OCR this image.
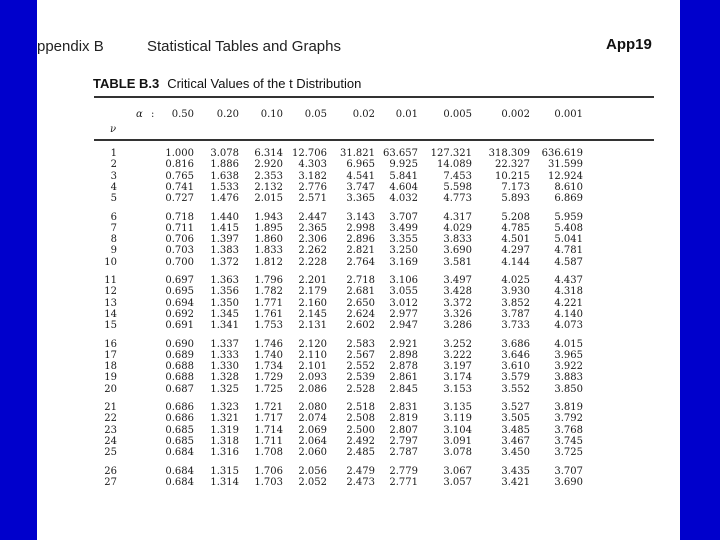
ppendix B	Statistical Tables and Graphs	App19
TABLE B.3 Critical Values of the t Distribution
α :	0.50	0.20	0.10	0.05	0.02	0.01	0.005	0.002	0.001
ν
1	1.000	3.078	6.314 12.706 31.821 63.657	127.321	318.309 636.619
2	0.816	1.886	2.920	4.303	6.965	9.925	14.089	22.327	31.599
3	0.765	1.638	2.353	3.182	4.541	5.841	7.453	10.215	12.924
4	0.741	1.533	2.132	2.776	3.747	4.604	5.598	7.173	8.610
5	0.727	1.476	2.015	2.571	3.365	4.032	4.773	5.893	6.869
6	0.718	1.440	1.943	2.447	3.143	3.707	4.317	5.208	5.959
7	0.711	1.415	1.895	2.365	2.998	3.499	4.029	4.785	5.408
8	0.706	1.397	1.860	2.306	2.896	3.355	3.833	4.501	5.041
9	0.703	1.383	1.833	2.262	2.821	3.250	3.690	4.297	4.781
10	0.700	1.372	1.812	2.228	2.764	3.169	3.581	4.144	4.587
11	0.697	1.363	1.796	2.201	2.718	3.106	3.497	4.025	4.437
12	0.695	1.356	1.782	2.179	2.681	3.055	3.428	3.930	4.318
13	0.694	1.350	1.771	2.160	2.650	3.012	3.372	3.852	4.221
14	0.692	1.345	1.761	2.145	2.624	2.977	3.326	3.787	4.140
15	0.691	1.341	1.753	2.131	2.602	2.947	3.286	3.733	4.073
16	0.690	1.337	1.746	2.120	2.583	2.921	3.252	3.686	4.015
17	0.689	1.333	1.740	2.110	2.567	2.898	3.222	3.646	3.965
18	0.688	1.330	1.734	2.101	2.552	2.878	3.197	3.610	3.922
19	0.688	1.328	1.729	2.093	2.539	2.861	3.174	3.579	3.883
20	0.687	1.325	1.725	2.086	2.528	2.845	3.153	3.552	3.850
21	0.686	1.323	1.721	2.080	2.518	2.831	3.135	3.527	3.819
22	0.686	1.321	1.717	2.074	2.508	2.819	3.119	3.505	3.792
23	0.685	1.319	1.714	2.069	2.500	2.807	3.104	3.485	3.768
24	0.685	1.318	1.711	2.064	2.492	2.797	3.091	3.467	3.745
25	0.684	1.316	1.708	2.060	2.485	2.787	3.078	3.450	3.725
26	0.684	1.315	1.706	2.056	2.479	2.779	3.067	3.435	3.707
27	0.684	1.314	1.703	2.052	2.473	2.771	3.057	3.421	3.690
